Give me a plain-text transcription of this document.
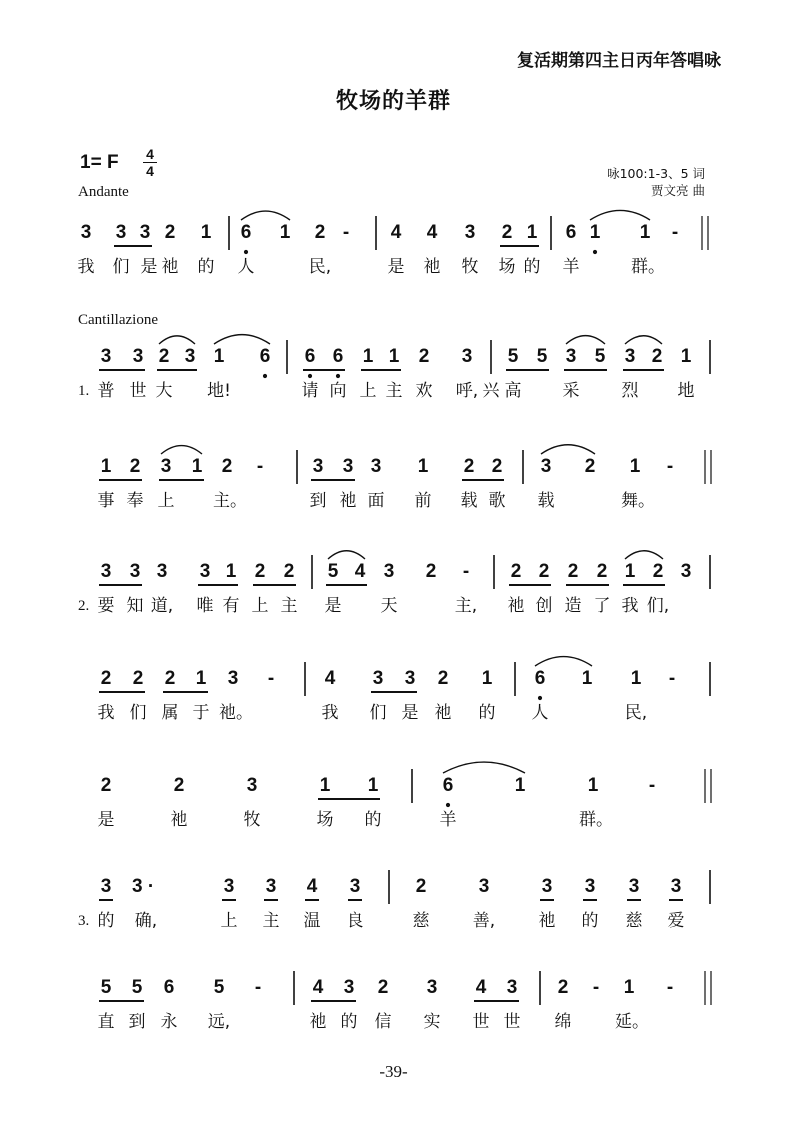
复活期第四主日丙年答唱咏
牧场的羊群
1= F 4
4
Andante
咏100:1-3、5 词
贾文亮 曲
Cantillazione
3	3 3 2	1	6	1	2 -	4	4	3	2 1	6 1	1	-
我	们 是 祂	的	人	民,	是	祂	牧	场 的	羊	群。
1.
3	3 2 3 1	6	6 6	1 1	2	3	5 5 3 5	3 2 1
普 世 大	地!	请 向 上 主 欢	呼, 兴 高	采	烈	地
1 2	3	1	2	-	3	3 3	1	2 2	3	2	1	-
事 奉 上	主。	到 祂 面	前	载 歌	载	舞。
2.
3 3 3	3 1 2 2	5 4 3	2	-	2 2 2 2 1 2 3
要 知 道,	唯 有 上 主	是	天	主,	祂 创 造 了 我 们,
2	2	2	1	3	-	4	3	3	2	1	6	1	1	-
我 们 属 于 祂。	我	们 是 祂	的	人	民,
2	2	3	1	1	6	1	1	-
是	祂	牧	场	的	羊	群。
3.
3	3 ·	3	3	4	3	2	3	3	3	3	3
的	确,	上	主	温	良	慈	善,	祂	的	慈	爱
5	5	6	5	-	4	3	2	3	4	3	2	-	1	-
直 到 永	远,	祂 的	信	实	世 世	绵	延。
-39-
